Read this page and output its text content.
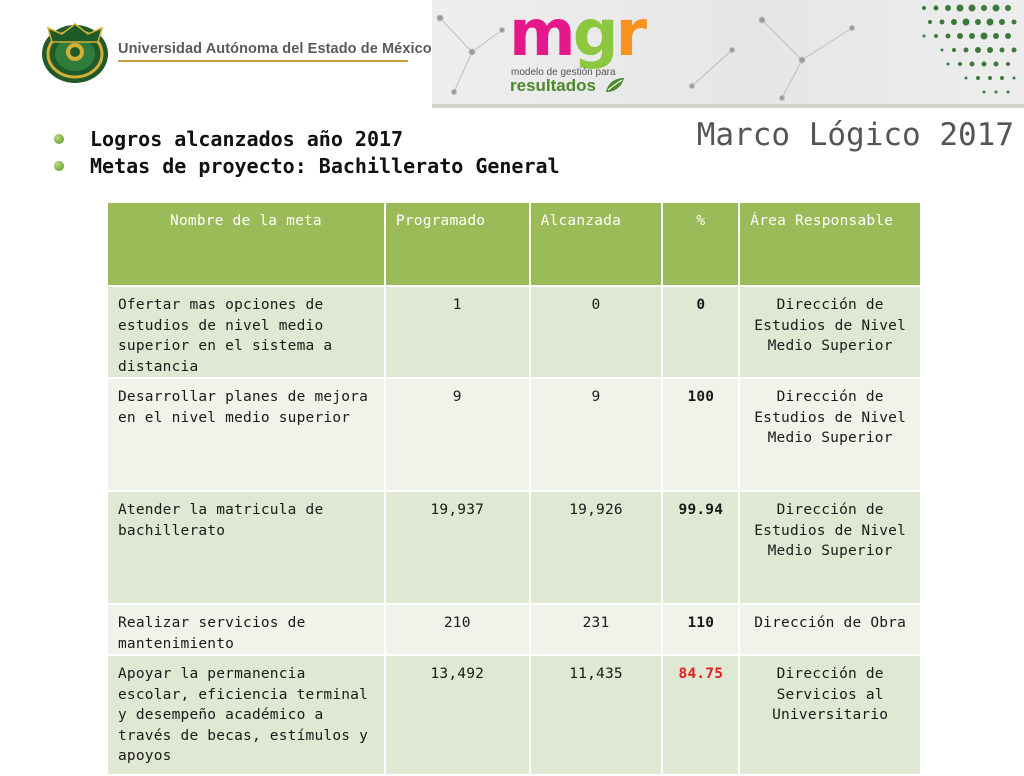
Universidad Autónoma del Estado de México mgr
modelo de gestión para
resultados
Marco Lógico 2017
Logros alcanzados año 2017
Metas de proyecto: Bachillerato General
Nombre de la meta	Programado	Alcanzada	%	Área Responsable
Ofertar mas opciones de estudios de nivel medio superior en el sistema a distancia	1	0	0	Dirección de Estudios de Nivel Medio Superior
Desarrollar planes de mejora en el nivel medio superior	9	9	100	Dirección de Estudios de Nivel Medio Superior
Atender la matricula de bachillerato	19,937	19,926	99.94	Dirección de Estudios de Nivel Medio Superior
Realizar servicios de mantenimiento	210	231	110	Dirección de Obra
Apoyar la permanencia escolar, eficiencia terminal y desempeño académico a través de becas, estímulos y apoyos	13,492	11,435	84.75	Dirección de Servicios al Universitario
